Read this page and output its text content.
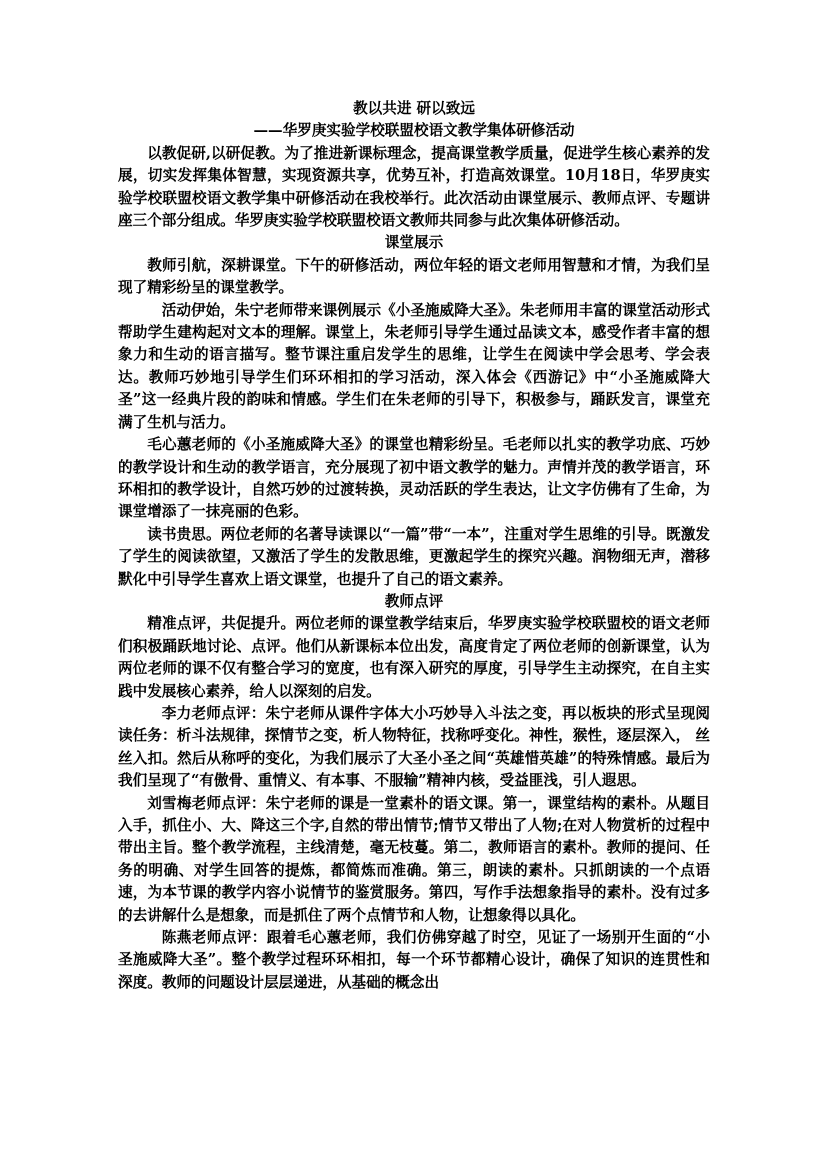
教以共进 研以致远
——华罗庚实验学校联盟校语文教学集体研修活动

以教促研,以研促教。为了推进新课标理念，提高课堂教学质量，促进学生核心素养的发展，切实发挥集体智慧，实现资源共享，优势互补，打造高效课堂。10月18日，华罗庚实验学校联盟校语文教学集中研修活动在我校举行。此次活动由课堂展示、教师点评、专题讲座三个部分组成。华罗庚实验学校联盟校语文教师共同参与此次集体研修活动。

课堂展示

教师引航，深耕课堂。下午的研修活动，两位年轻的语文老师用智慧和才情，为我们呈现了精彩纷呈的课堂教学。

活动伊始，朱宁老师带来课例展示《小圣施威降大圣》。朱老师用丰富的课堂活动形式帮助学生建构起对文本的理解。课堂上，朱老师引导学生通过品读文本，感受作者丰富的想象力和生动的语言描写。整节课注重启发学生的思维，让学生在阅读中学会思考、学会表达。教师巧妙地引导学生们环环相扣的学习活动，深入体会《西游记》中“小圣施威降大圣”这一经典片段的韵味和情感。学生们在朱老师的引导下，积极参与，踊跃发言，课堂充满了生机与活力。

毛心蕙老师的《小圣施威降大圣》的课堂也精彩纷呈。毛老师以扎实的教学功底、巧妙的教学设计和生动的教学语言，充分展现了初中语文教学的魅力。声情并茂的教学语言，环环相扣的教学设计，自然巧妙的过渡转换，灵动活跃的学生表达，让文字仿佛有了生命，为课堂增添了一抹亮丽的色彩。

读书贵思。两位老师的名著导读课以“一篇”带“一本”，注重对学生思维的引导。既激发了学生的阅读欲望，又激活了学生的发散思维，更激起学生的探究兴趣。润物细无声，潜移默化中引导学生喜欢上语文课堂，也提升了自己的语文素养。

教师点评

精准点评，共促提升。两位老师的课堂教学结束后，华罗庚实验学校联盟校的语文老师们积极踊跃地讨论、点评。他们从新课标本位出发，高度肯定了两位老师的创新课堂，认为两位老师的课不仅有整合学习的宽度，也有深入研究的厚度，引导学生主动探究，在自主实践中发展核心素养，给人以深刻的启发。

李力老师点评：朱宁老师从课件字体大小巧妙导入斗法之变，再以板块的形式呈现阅读任务：析斗法规律，探情节之变，析人物特征，找称呼变化。神性，猴性，逐层深入， 丝丝入扣。然后从称呼的变化，为我们展示了大圣小圣之间“英雄惜英雄”的特殊情感。最后为我们呈现了“有傲骨、重情义、有本事、不服输”精神内核，受益匪浅，引人遐思。

刘雪梅老师点评：朱宁老师的课是一堂素朴的语文课。第一，课堂结构的素朴。从题目入手，抓住小、大、降这三个字,自然的带出情节;情节又带出了人物;在对人物赏析的过程中带出主旨。整个教学流程，主线清楚，毫无枝蔓。第二，教师语言的素朴。教师的提问、任务的明确、对学生回答的提炼，都简炼而准确。第三，朗读的素朴。只抓朗读的一个点语速，为本节课的教学内容小说情节的鉴赏服务。第四，写作手法想象指导的素朴。没有过多的去讲解什么是想象，而是抓住了两个点情节和人物，让想象得以具化。

陈燕老师点评：跟着毛心蕙老师，我们仿佛穿越了时空，见证了一场别开生面的“小圣施威降大圣”。整个教学过程环环相扣，每一个环节都精心设计，确保了知识的连贯性和深度。教师的问题设计层层递进，从基础的概念出
